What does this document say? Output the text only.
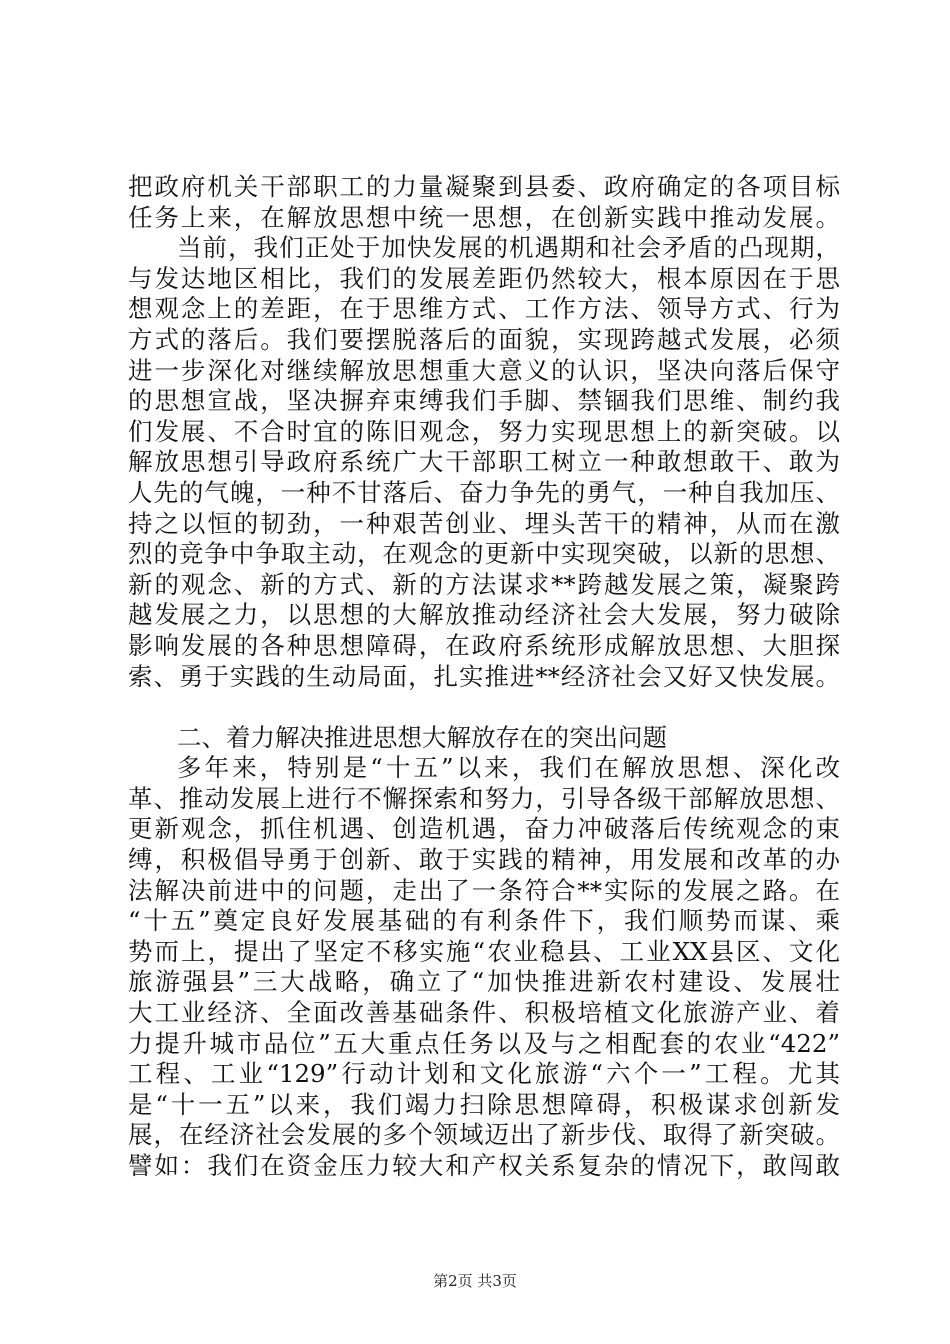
把政府机关干部职工的力量凝聚到县委、政府确定的各项目标
任务上来，在解放思想中统一思想，在创新实践中推动发展。
当前，我们正处于加快发展的机遇期和社会矛盾的凸现期，
与发达地区相比，我们的发展差距仍然较大，根本原因在于思
想观念上的差距，在于思维方式、工作方法、领导方式、行为
方式的落后。我们要摆脱落后的面貌，实现跨越式发展，必须
进一步深化对继续解放思想重大意义的认识，坚决向落后保守
的思想宣战，坚决摒弃束缚我们手脚、禁锢我们思维、制约我
们发展、不合时宜的陈旧观念，努力实现思想上的新突破。以
解放思想引导政府系统广大干部职工树立一种敢想敢干、敢为
人先的气魄，一种不甘落后、奋力争先的勇气，一种自我加压、
持之以恒的韧劲，一种艰苦创业、埋头苦干的精神，从而在激
烈的竞争中争取主动，在观念的更新中实现突破，以新的思想、
新的观念、新的方式、新的方法谋求**跨越发展之策，凝聚跨
越发展之力，以思想的大解放推动经济社会大发展，努力破除
影响发展的各种思想障碍，在政府系统形成解放思想、大胆探
索、勇于实践的生动局面，扎实推进**经济社会又好又快发展。
二、着力解决推进思想大解放存在的突出问题
多年来，特别是“十五”以来，我们在解放思想、深化改
革、推动发展上进行不懈探索和努力，引导各级干部解放思想、
更新观念，抓住机遇、创造机遇，奋力冲破落后传统观念的束
缚，积极倡导勇于创新、敢于实践的精神，用发展和改革的办
法解决前进中的问题，走出了一条符合**实际的发展之路。在
“十五”奠定良好发展基础的有利条件下，我们顺势而谋、乘
势而上，提出了坚定不移实施“农业稳县、工业XX县区、文化
旅游强县”三大战略，确立了“加快推进新农村建设、发展壮
大工业经济、全面改善基础条件、积极培植文化旅游产业、着
力提升城市品位”五大重点任务以及与之相配套的农业“422”
工程、工业“129”行动计划和文化旅游“六个一”工程。尤其
是“十一五”以来，我们竭力扫除思想障碍，积极谋求创新发
展，在经济社会发展的多个领域迈出了新步伐、取得了新突破。
譬如：我们在资金压力较大和产权关系复杂的情况下，敢闯敢
第2页 共3页
